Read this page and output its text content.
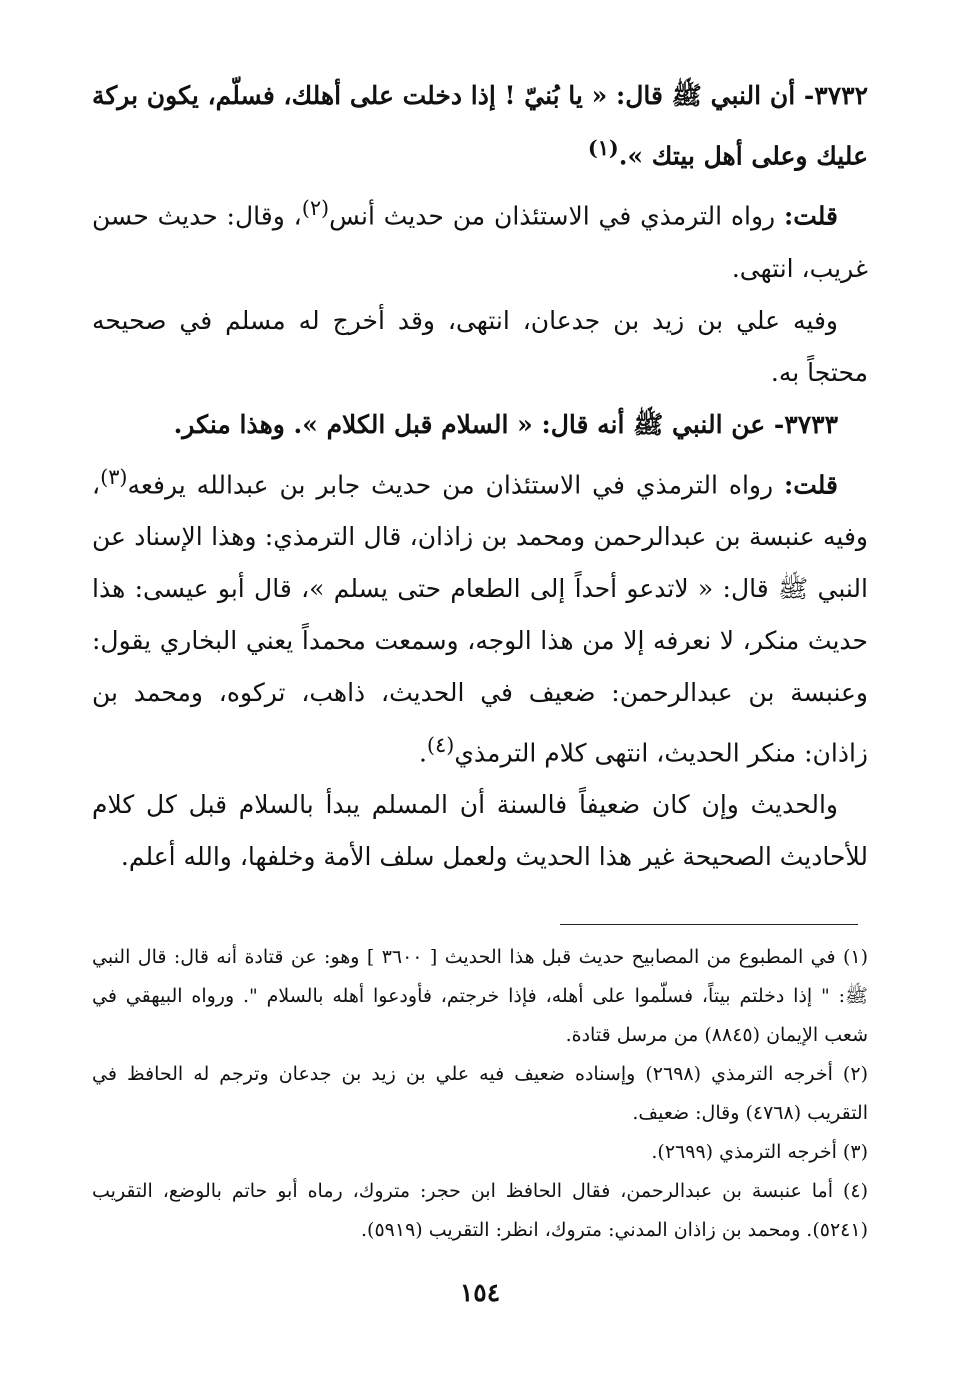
٣٧٣٢- أن النبي ﷺ قال: « يا بُنيّ ! إذا دخلت على أهلك، فسلّم، يكون بركة عليك وعلى أهل بيتك ».$^{(١)}$

قلت: رواه الترمذي في الاستئذان من حديث أنس$^{(٢)}$، وقال: حديث حسن غريب، انتهى.

وفيه علي بن زيد بن جدعان، انتهى، وقد أخرج له مسلم في صحيحه محتجاً به.

٣٧٣٣- عن النبي ﷺ أنه قال: « السلام قبل الكلام ». وهذا منكر.

قلت: رواه الترمذي في الاستئذان من حديث جابر بن عبدالله يرفعه$^{(٣)}$، وفيه عنبسة بن عبدالرحمن ومحمد بن زاذان، قال الترمذي: وهذا الإسناد عن النبي ﷺ قال: « لاتدعو أحداً إلى الطعام حتى يسلم »، قال أبو عيسى: هذا حديث منكر، لا نعرفه إلا من هذا الوجه، وسمعت محمداً يعني البخاري يقول: وعنبسة بن عبدالرحمن: ضعيف في الحديث، ذاهب، تركوه، ومحمد بن زاذان: منكر الحديث، انتهى كلام الترمذي$^{(٤)}$.

والحديث وإن كان ضعيفاً فالسنة أن المسلم يبدأ بالسلام قبل كل كلام للأحاديث الصحيحة غير هذا الحديث ولعمل سلف الأمة وخلفها، والله أعلم.

(١) في المطبوع من المصابيح حديث قبل هذا الحديث [ ٣٦٠٠ ] وهو: عن قتادة أنه قال: قال النبي ﷺ: " إذا دخلتم بيتاً، فسلّموا على أهله، فإذا خرجتم، فأودعوا أهله بالسلام ". ورواه البيهقي في شعب الإيمان (٨٨٤٥) من مرسل قتادة.

(٢) أخرجه الترمذي (٢٦٩٨) وإسناده ضعيف فيه علي بن زيد بن جدعان وترجم له الحافظ في التقريب (٤٧٦٨) وقال: ضعيف.

(٣) أخرجه الترمذي (٢٦٩٩).

(٤) أما عنبسة بن عبدالرحمن، فقال الحافظ ابن حجر: متروك، رماه أبو حاتم بالوضع، التقريب (٥٢٤١). ومحمد بن زاذان المدني: متروك، انظر: التقريب (٥٩١٩).

١٥٤
